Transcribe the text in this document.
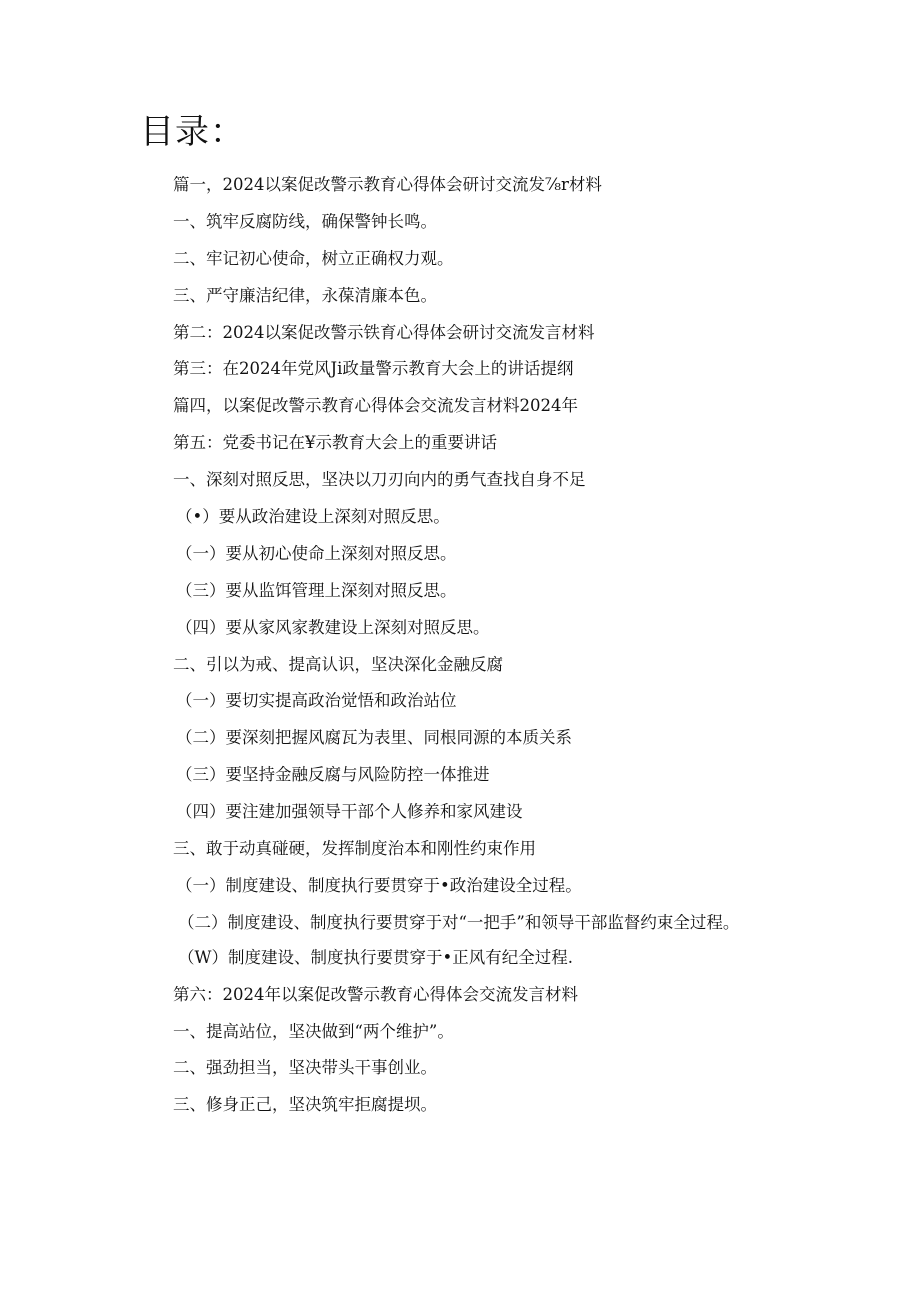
目录：
篇一，2024以案促改警示教育心得体会研讨交流发⅞r材料
一、筑牢反腐防线，确保警钟长鸣。
二、牢记初心使命，树立正确权力观。
三、严守廉洁纪律，永葆清廉本色。
第二：2024以案促改警示铁育心得体会研讨交流发言材料
第三：在2024年党风Ji政量警示教育大会上的讲话提纲
篇四，以案促改警示教育心得体会交流发言材料2024年
第五：党委书记在¥示教育大会上的重要讲话
一、深刻对照反思，坚决以刀刃向内的勇气查找自身不足
（•）要从政治建设上深刻对照反思。
（一）要从初心使命上深刻对照反思。
（三）要从监饵管理上深刻对照反思。
（四）要从家风家教建设上深刻对照反思。
二、引以为戒、提高认识，坚决深化金融反腐
（一）要切实提高政治觉悟和政治站位
（二）要深刻把握风腐瓦为表里、同根同源的本质关系
（三）要坚持金融反腐与风险防控一体推进
（四）要注建加强领导干部个人修养和家风建设
三、敢于动真碰硬，发挥制度治本和刚性约束作用
（一）制度建设、制度执行要贯穿于•政治建设全过程。
（二）制度建设、制度执行要贯穿于对“一把手”和领导干部监督约束全过程。
（W）制度建设、制度执行要贯穿于•正风有纪全过程.
第六：2024年以案促改警示教育心得体会交流发言材料
一、提高站位，坚决做到“两个维护”。
二、强劲担当，坚决带头干事创业。
三、修身正己，坚决筑牢拒腐提坝。
